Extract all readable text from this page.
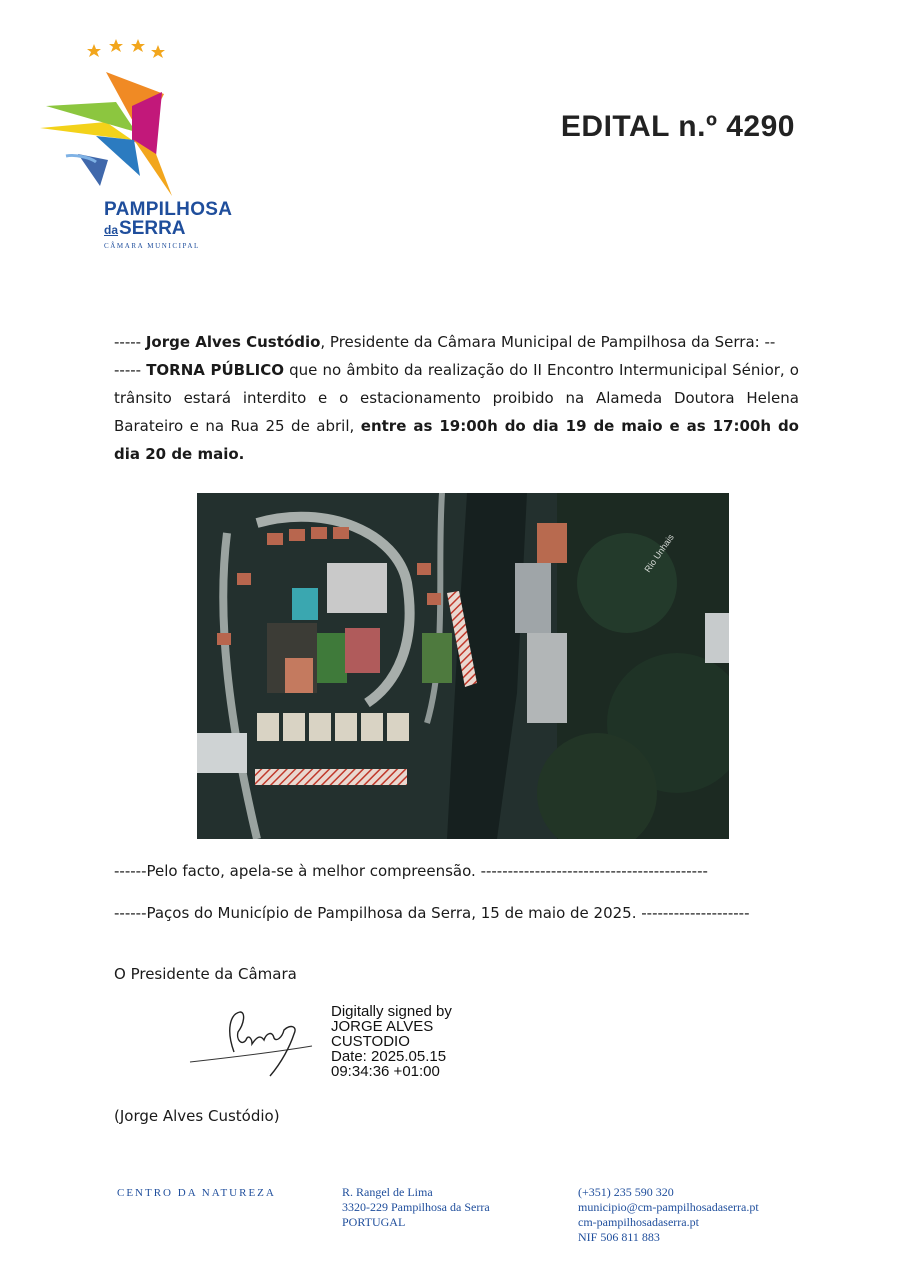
PAMPILHOSA
daSERRA
CÂMARA MUNICIPAL
EDITAL n.º 4290

----- Jorge Alves Custódio, Presidente da Câmara Municipal de Pampilhosa da Serra: --

----- TORNA PÚBLICO que no âmbito da realização do II Encontro Intermunicipal Sénior, o trânsito estará interdito e o estacionamento proibido na Alameda Doutora Helena Barateiro e na Rua 25 de abril, entre as 19:00h do dia 19 de maio e as 17:00h do dia 20 de maio.

Rio Unhais
------Pelo facto, apela-se à melhor compreensão. ------------------------------------------
------Paços do Município de Pampilhosa da Serra, 15 de maio de 2025. --------------------
O Presidente da Câmara
Digitally signed by
JORGE ALVES
CUSTODIO
Date: 2025.05.15
09:34:36 +01:00
(Jorge Alves Custódio)
CENTRO DA NATUREZA	R. Rangel de Lima
3320-229 Pampilhosa da Serra
PORTUGAL
(+351) 235 590 320
municipio@cm-pampilhosadaserra.pt
cm-pampilhosadaserra.pt
NIF 506 811 883
